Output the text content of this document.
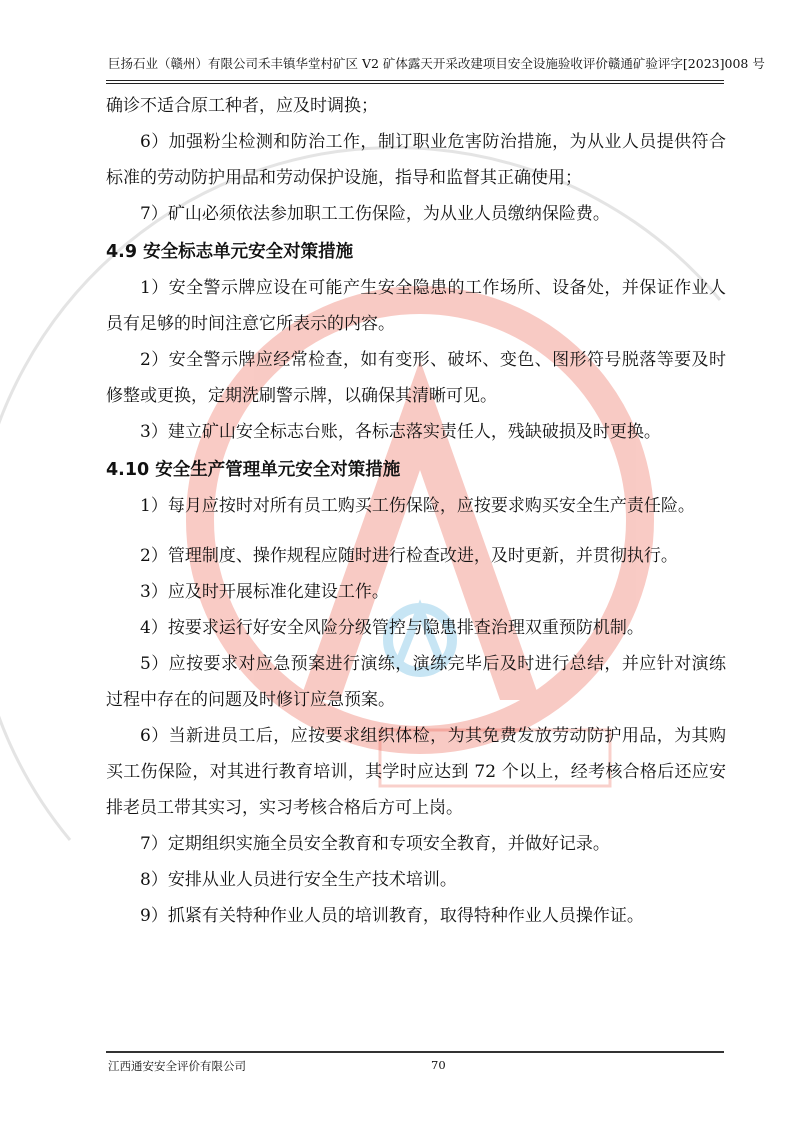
巨扬石业（赣州）有限公司禾丰镇华堂村矿区 V2 矿体露天开采改建项目安全设施验收评价赣通矿验评字[2023]008 号

确诊不适合原工种者，应及时调换；

6）加强粉尘检测和防治工作，制订职业危害防治措施，为从业人员提供符合标准的劳动防护用品和劳动保护设施，指导和监督其正确使用；

7）矿山必须依法参加职工工伤保险，为从业人员缴纳保险费。

4.9 安全标志单元安全对策措施

1）安全警示牌应设在可能产生安全隐患的工作场所、设备处，并保证作业人员有足够的时间注意它所表示的内容。

2）安全警示牌应经常检查，如有变形、破坏、变色、图形符号脱落等要及时修整或更换，定期洗刷警示牌，以确保其清晰可见。

3）建立矿山安全标志台账，各标志落实责任人，残缺破损及时更换。

4.10 安全生产管理单元安全对策措施

1）每月应按时对所有员工购买工伤保险，应按要求购买安全生产责任险。

2）管理制度、操作规程应随时进行检查改进，及时更新，并贯彻执行。

3）应及时开展标准化建设工作。

4）按要求运行好安全风险分级管控与隐患排查治理双重预防机制。

5）应按要求对应急预案进行演练，演练完毕后及时进行总结，并应针对演练过程中存在的问题及时修订应急预案。

6）当新进员工后，应按要求组织体检，为其免费发放劳动防护用品，为其购买工伤保险，对其进行教育培训，其学时应达到 72 个以上，经考核合格后还应安排老员工带其实习，实习考核合格后方可上岗。

7）定期组织实施全员安全教育和专项安全教育，并做好记录。

8）安排从业人员进行安全生产技术培训。

9）抓紧有关特种作业人员的培训教育，取得特种作业人员操作证。

江西通安安全评价有限公司	70
